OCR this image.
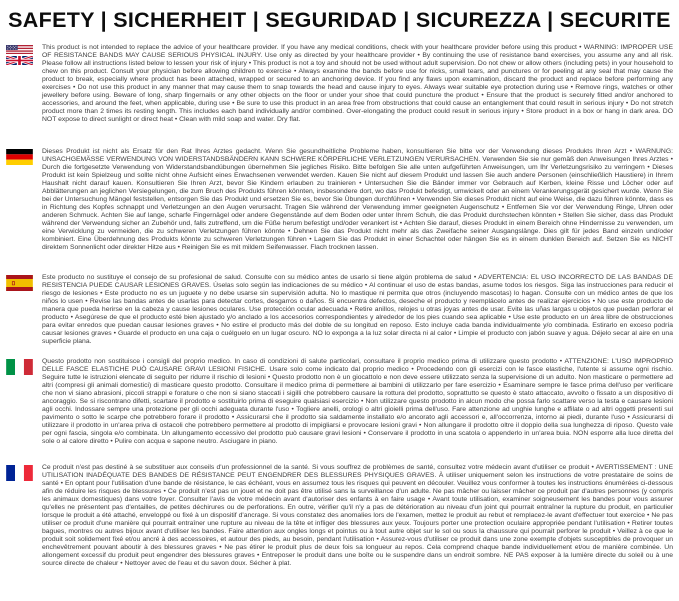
SAFETY | SICHERHEIT | SEGURIDAD | SICUREZZA | SECURITE

This product is not intended to replace the advice of your healthcare provider. If you have any medical conditions, check with your healthcare provider before using this product • WARNING: IMPROPER USE OF RESISTANCE BANDS MAY CAUSE SERIOUS PHYSICAL INJURY. Use only as directed by your healthcare provider • By continuing the use of resistance band exercises, you assume any and all risk. Please follow all instructions listed below to lessen your risk of injury • This product is not a toy and should not be used without adult supervision. Do not chew or allow others (including pets) in your household to chew on this product. Consult your physician before allowing children to exercise • Always examine the bands before use for nicks, small tears, and punctures or for peeling at any seal that may cause the product to break, especially where product has been attached, wrapped or secured to an anchoring device. If you find any flaws upon examination, discard the product and replace before performing any exercises • Do not use this product in any manner that may cause them to snap towards the head and cause injury to eyes. Always wear suitable eye protection during use • Remove rings, watches or other jewellery before using. Beware of long, sharp fingernails or any other objects on the floor or under your shoe that could puncture the product • Ensure that the product is securely fitted and/or anchored to accessories, and around the feet, when applicable, during use • Be sure to use this product in an area free from obstructions that could cause an entanglement that could result in serious injury • Do not stretch product more than 2 times its resting length. This includes each band individually and/or combined. Over-elongating the product could result in serious injury • Store product in a box or hang in dark area. DO NOT expose to direct sunlight or direct heat • Clean with mild soap and water. Dry flat.

Dieses Produkt ist nicht als Ersatz für den Rat Ihres Arztes gedacht. Wenn Sie gesundheitliche Probleme haben, konsultieren Sie bitte vor der Verwendung dieses Produkts Ihren Arzt • WARNUNG: UNSACHGEMÄSSE VERWENDUNG VON WIDERSTANDSBÄNDERN KANN SCHWERE KÖRPERLICHE VERLETZUNGEN VERURSACHEN. Verwenden Sie sie nur gemäß den Anweisungen Ihres Arztes • Durch die fortgesetzte Verwendung von Widerstandsbandübungen übernehmen Sie jegliches Risiko. Bitte befolgen Sie alle unten aufgeführten Anweisungen, um Ihr Verletzungsrisiko zu verringern • Dieses Produkt ist kein Spielzeug und sollte nicht ohne Aufsicht eines Erwachsenen verwendet werden. Kauen Sie nicht auf diesem Produkt und lassen Sie auch andere Personen (einschließlich Haustiere) in Ihrem Haushalt nicht darauf kauen. Konsultieren Sie Ihren Arzt, bevor Sie Kindern erlauben zu trainieren • Untersuchen Sie die Bänder immer vor Gebrauch auf Kerben, kleine Risse und Löcher oder auf Abblätterungen an jeglichen Versiegelungen, die zum Bruch des Produkts führen könnten, insbesondere dort, wo das Produkt befestigt, umwickelt oder an einem Verankerungsgerät gesichert wurde. Wenn Sie bei der Untersuchung Mängel feststellen, entsorgen Sie das Produkt und ersetzen Sie es, bevor Sie Übungen durchführen • Verwenden Sie dieses Produkt nicht auf eine Weise, die dazu führen könnte, dass es in Richtung des Kopfes schnappt und Verletzungen an den Augen verursacht. Tragen Sie während der Verwendung immer geeigneten Augenschutz • Entfernen Sie vor der Verwendung Ringe, Uhren oder anderen Schmuck. Achten Sie auf lange, scharfe Fingernägel oder andere Gegenstände auf dem Boden oder unter Ihrem Schuh, die das Produkt durchstechen könnten • Stellen Sie sicher, dass das Produkt während der Verwendung sicher an Zubehör und, falls zutreffend, um die Füße herum befestigt und/oder verankert ist • Achten Sie darauf, dieses Produkt in einem Bereich ohne Hindernisse zu verwenden, um eine Verwicklung zu vermeiden, die zu schweren Verletzungen führen könnte • Dehnen Sie das Produkt nicht mehr als das Zweifache seiner Ausgangslänge. Dies gilt für jedes Band einzeln und/oder kombiniert. Eine Überdehnung des Produkts könnte zu schweren Verletzungen führen • Lagern Sie das Produkt in einer Schachtel oder hängen Sie es in einem dunklen Bereich auf. Setzen Sie es NICHT direktem Sonnenlicht oder direkter Hitze aus • Reinigen Sie es mit mildem Seifenwasser. Flach trocknen lassen.

Este producto no sustituye el consejo de su profesional de salud. Consulte con su médico antes de usarlo si tiene algún problema de salud • ADVERTENCIA: EL USO INCORRECTO DE LAS BANDAS DE RESISTENCIA PUEDE CAUSAR LESIONES GRAVES. Úselas solo según las indicaciones de su médico • Al continuar el uso de estas bandas, asume todos los riesgos. Siga las instrucciones para reducir el riesgo de lesiones • Este producto no es un juguete y no debe usarse sin supervisión adulta. No lo mastique ni permita que otros (incluyendo mascotas) lo hagan. Consulte con un médico antes de que los niños lo usen • Revise las bandas antes de usarlas para detectar cortes, desgarros o daños. Si encuentra defectos, deseche el producto y reemplácelo antes de realizar ejercicios • No use este producto de manera que pueda herirse en la cabeza y cause lesiones oculares. Use protección ocular adecuada • Retire anillos, relojes u otras joyas antes de usar. Evite las uñas largas u objetos que puedan perforar el producto • Asegúrese de que el producto esté bien ajustado y/o anclado a los accesorios correspondientes y alrededor de los pies cuando sea aplicable • Use este producto en un área libre de obstrucciones para evitar enredos que puedan causar lesiones graves • No estire el producto más del doble de su longitud en reposo. Esto incluye cada banda individualmente y/o combinada. Estirarlo en exceso podría causar lesiones graves • Guarde el producto en una caja o cuélguelo en un lugar oscuro. NO lo exponga a la luz solar directa ni al calor • Limpie el producto con jabón suave y agua. Déjelo secar al aire en una superficie plana.

Questo prodotto non sostituisce i consigli del proprio medico. In caso di condizioni di salute particolari, consultare il proprio medico prima di utilizzare questo prodotto • ATTENZIONE: L'USO IMPROPRIO DELLE FASCE ELASTICHE PUÒ CAUSARE GRAVI LESIONI FISICHE. Usare solo come indicato dal proprio medico • Procedendo con gli esercizi con le fasce elastiche, l'utente si assume ogni rischio. Seguire tutte le istruzioni elencate di seguito per ridurre il rischio di lesioni • Questo prodotto non è un giocattolo e non deve essere utilizzato senza la supervisione di un adulto. Non masticare o permettere ad altri (compresi gli animali domestici) di masticare questo prodotto. Consultare il medico prima di permettere ai bambini di utilizzarlo per fare esercizio • Esaminare sempre le fasce prima dell'uso per verificare che non vi siano abrasioni, piccoli strappi e forature o che non si siano staccati i sigilli che potrebbero causare la rottura del prodotto, soprattutto se questo è stato attaccato, avvolto o fissato a un dispositivo di ancoraggio. Se si riscontrano difetti, scartare il prodotto e sostituirlo prima di eseguire qualsiasi esercizio • Non utilizzare questo prodotto in alcun modo che possa farlo scattare verso la testa e causare lesioni agli occhi. Indossare sempre una protezione per gli occhi adeguata durante l'uso • Togliere anelli, orologi o altri gioielli prima dell'uso. Fare attenzione ad unghie lunghe e affilate o ad altri oggetti presenti sul pavimento o sotto le scarpe che potrebbero forare il prodotto • Assicurarsi che il prodotto sia saldamente installato e/o ancorato agli accessori e, all'occorrenza, intorno ai piedi, durante l'uso • Assicurarsi di utilizzare il prodotto in un'area priva di ostacoli che potrebbero permettere al prodotto di impigliarsi e provocare lesioni gravi • Non allungare il prodotto oltre il doppio della sua lunghezza di riposo. Questo vale per ogni fascia, singola e/o combinata. Un allungamento eccessivo del prodotto può causare gravi lesioni • Conservare il prodotto in una scatola o appenderlo in un'area buia. NON esporre alla luce diretta del sole o al calore diretto • Pulire con acqua e sapone neutro. Asciugare in piano.

Ce produit n'est pas destiné à se substituer aux conseils d'un professionnel de la santé. Si vous souffrez de problèmes de santé, consultez votre médecin avant d'utiliser ce produit • AVERTISSEMENT : UNE UTILISATION INADÉQUATE DES BANDES DE RÉSISTANCE PEUT ENGENDRER DES BLESSURES PHYSIQUES GRAVES. À utiliser uniquement selon les instructions de votre prestataire de soins de santé • En optant pour l'utilisation d'une bande de résistance, le cas échéant, vous en assumez tous les risques qui peuvent en découler. Veuillez vous conformer à toutes les instructions énumérées ci-dessous afin de réduire les risques de blessures • Ce produit n'est pas un jouet et ne doit pas être utilisé sans la surveillance d'un adulte. Ne pas mâcher ou laisser mâcher ce produit par d'autres personnes (y compris les animaux domestiques) dans votre foyer. Consulter l'avis de votre médecin avant d'autoriser des enfants à en faire usage • Avant toute utilisation, examiner soigneusement les bandes pour vous assurer qu'elles ne présentent pas d'entailles, de petites déchirures ou de perforations. En outre, vérifier qu'il n'y a pas de détérioration au niveau d'un joint qui pourrait entraîner la rupture du produit, en particulier lorsque le produit a été attaché, enveloppé ou fixé à un dispositif d'ancrage. Si vous constatez des anomalies lors de l'examen, mettez le produit au rebut et remplacez-le avant d'effectuer tout exercice • Ne pas utiliser ce produit d'une manière qui pourrait entraîner une rupture au niveau de la tête et infliger des blessures aux yeux. Toujours porter une protection oculaire appropriée pendant l'utilisation • Retirer toutes bagues, montres ou autres bijoux avant d'utiliser les bandes. Faire attention aux ongles longs et pointus ou à tout autre objet sur le sol ou sous la chaussure qui pourrait perforer le produit • Veillez à ce que le produit soit solidement fixé et/ou ancré à des accessoires, et autour des pieds, au besoin, pendant l'utilisation • Assurez-vous d'utiliser ce produit dans une zone exempte d'objets susceptibles de provoquer un enchevêtrement pouvant aboutir à des blessures graves • Ne pas étirer le produit plus de deux fois sa longueur au repos. Cela comprend chaque bande individuellement et/ou de manière combinée. Un allongement excessif du produit peut engendrer des blessures graves • Entreposer le produit dans une boîte ou le suspendre dans un endroit sombre. NE PAS exposer à la lumière directe du soleil ou à une source directe de chaleur • Nettoyer avec de l'eau et du savon doux. Sécher à plat.
